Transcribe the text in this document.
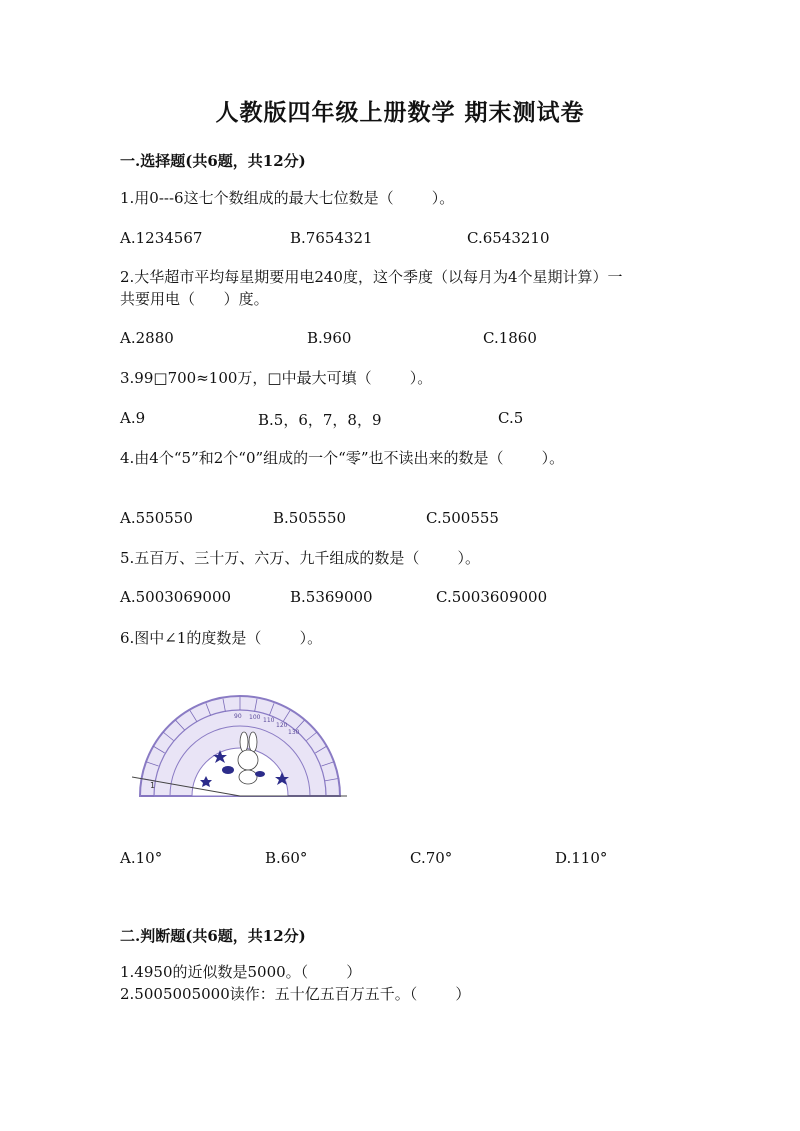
人教版四年级上册数学 期末测试卷
一.选择题(共6题，共12分)
1.用0---6这七个数组成的最大七位数是（        ）。
A.1234567	B.7654321	C.6543210
2.大华超市平均每星期要用电240度，这个季度（以每月为4个星期计算）一
共要用电（      ）度。
A.2880	B.960	C.1860
3.99□700≈100万，□中最大可填（        ）。
A.9	B.5，6，7，8，9	C.5
4.由4个“5”和2个“0”组成的一个“零”也不读出来的数是（        ）。
A.550550	B.505550	C.500555
5.五百万、三十万、六万、九千组成的数是（        ）。
A.5003069000	B.5369000	C.5003609000
6.图中∠1的度数是（        ）。
90 100 110
120
130
1
A.10°	B.60°	C.70°	D.110°
二.判断题(共6题，共12分)
1.4950的近似数是5000。（        ）
2.5005005000读作：五十亿五百万五千。（        ）
